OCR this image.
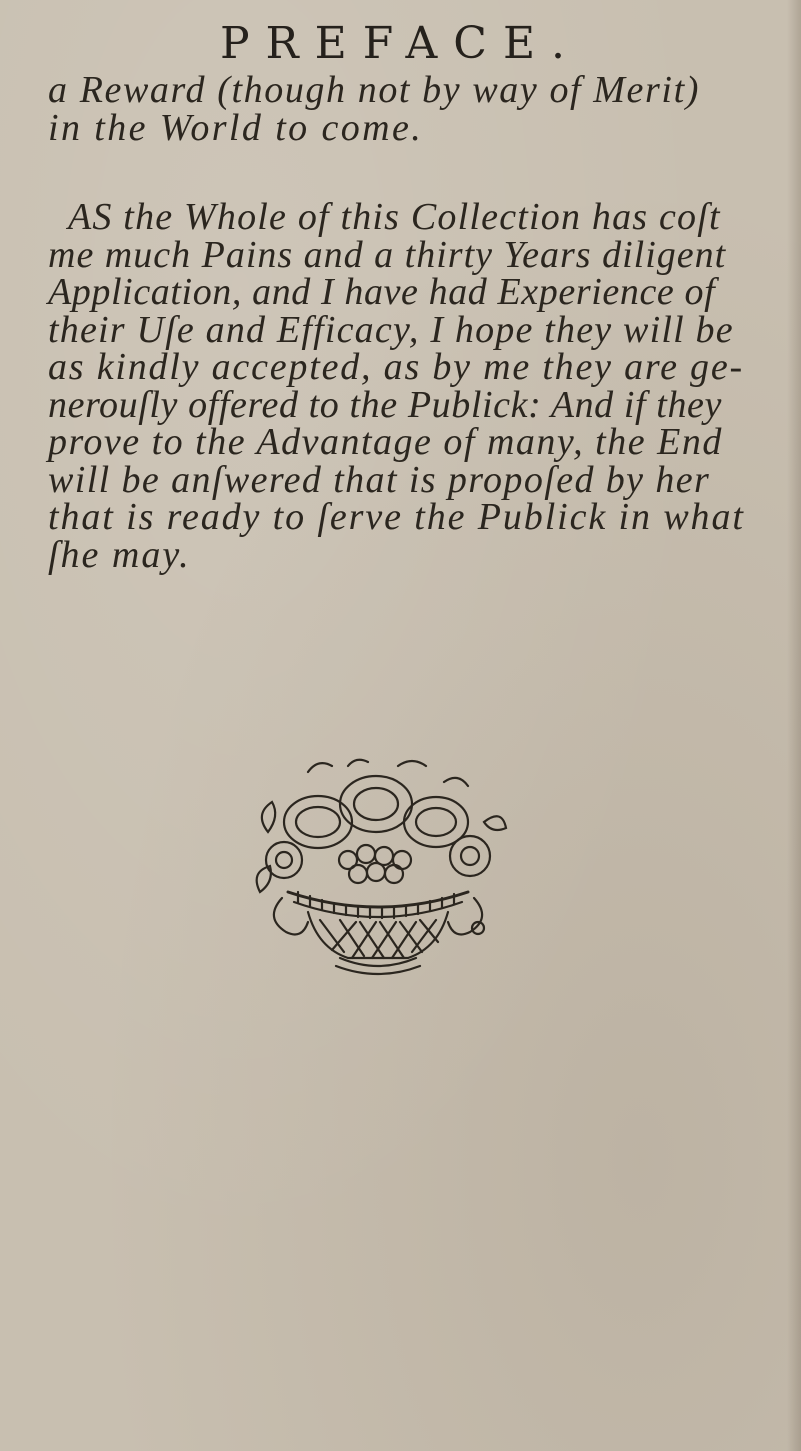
PREFACE.
a Reward (though not by way of Merit)
in the World to come.
AS the Whole of this Collection has coſt
me much Pains and a thirty Years diligent
Application, and I have had Experience of
their Uſe and Efficacy, I hope they will be
as kindly accepted, as by me they are ge-
nerouſly offered to the Publick: And if they
prove to the Advantage of many, the End
will be anſwered that is propoſed by her
that is ready to ſerve the Publick in what
ſhe may.
